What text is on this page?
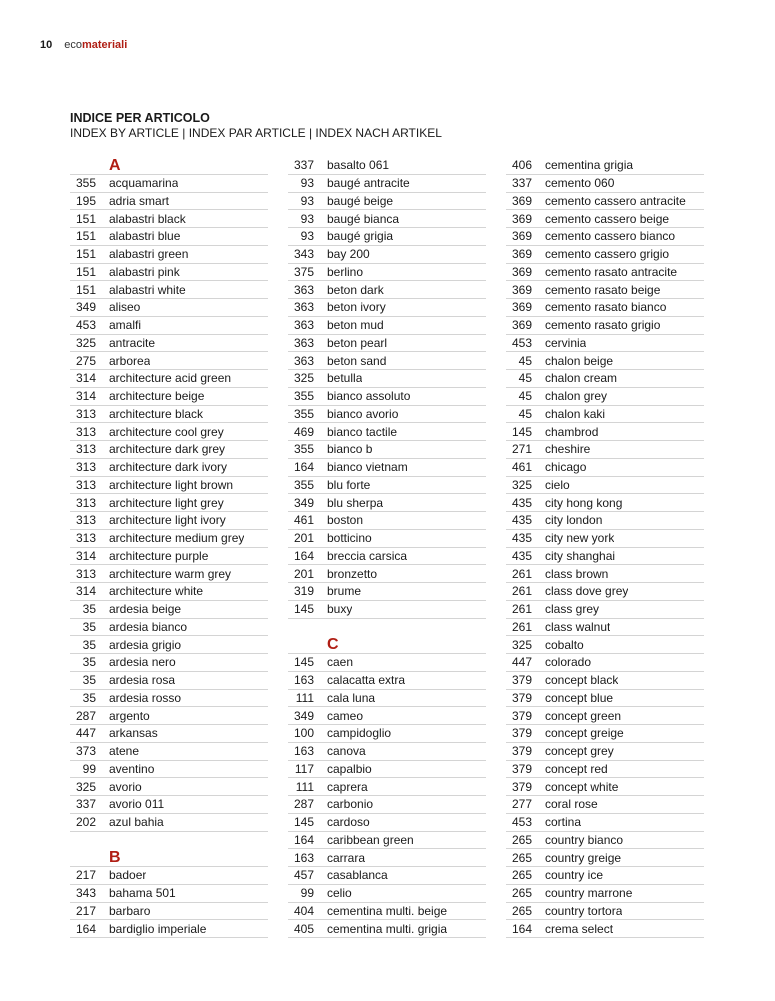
10 ecomateriali
INDICE PER ARTICOLO
INDEX BY ARTICLE | INDEX PAR ARTICLE | INDEX NACH ARTIKEL
A
355 acquamarina
195 adria smart
151 alabastri black
151 alabastri blue
151 alabastri green
151 alabastri pink
151 alabastri white
349 aliseo
453 amalfi
325 antracite
275 arborea
314 architecture acid green
314 architecture beige
313 architecture black
313 architecture cool grey
313 architecture dark grey
313 architecture dark ivory
313 architecture light brown
313 architecture light grey
313 architecture light ivory
313 architecture medium grey
314 architecture purple
313 architecture warm grey
314 architecture white
35 ardesia beige
35 ardesia bianco
35 ardesia grigio
35 ardesia nero
35 ardesia rosa
35 ardesia rosso
287 argento
447 arkansas
373 atene
99 aventino
325 avorio
337 avorio 011
202 azul bahia
B
217 badoer
343 bahama 501
217 barbaro
164 bardiglio imperiale
337 basalto 061
93 baugé antracite
93 baugé beige
93 baugé bianca
93 baugé grigia
343 bay 200
375 berlino
363 beton dark
363 beton ivory
363 beton mud
363 beton pearl
363 beton sand
325 betulla
355 bianco assoluto
355 bianco avorio
469 bianco tactile
355 bianco b
164 bianco vietnam
355 blu forte
349 blu sherpa
461 boston
201 botticino
164 breccia carsica
201 bronzetto
319 brume
145 buxy
C
145 caen
163 calacatta extra
111 cala luna
349 cameo
100 campidoglio
163 canova
117 capalbio
111 caprera
287 carbonio
145 cardoso
164 caribbean green
163 carrara
457 casablanca
99 celio
404 cementina multi. beige
405 cementina multi. grigia
406 cementina grigia
337 cemento 060
369 cemento cassero antracite
369 cemento cassero beige
369 cemento cassero bianco
369 cemento cassero grigio
369 cemento rasato antracite
369 cemento rasato beige
369 cemento rasato bianco
369 cemento rasato grigio
453 cervinia
45 chalon beige
45 chalon cream
45 chalon grey
45 chalon kaki
145 chambrod
271 cheshire
461 chicago
325 cielo
435 city hong kong
435 city london
435 city new york
435 city shanghai
261 class brown
261 class dove grey
261 class grey
261 class walnut
325 cobalto
447 colorado
379 concept black
379 concept blue
379 concept green
379 concept greige
379 concept grey
379 concept red
379 concept white
277 coral rose
453 cortina
265 country bianco
265 country greige
265 country ice
265 country marrone
265 country tortora
164 crema select
